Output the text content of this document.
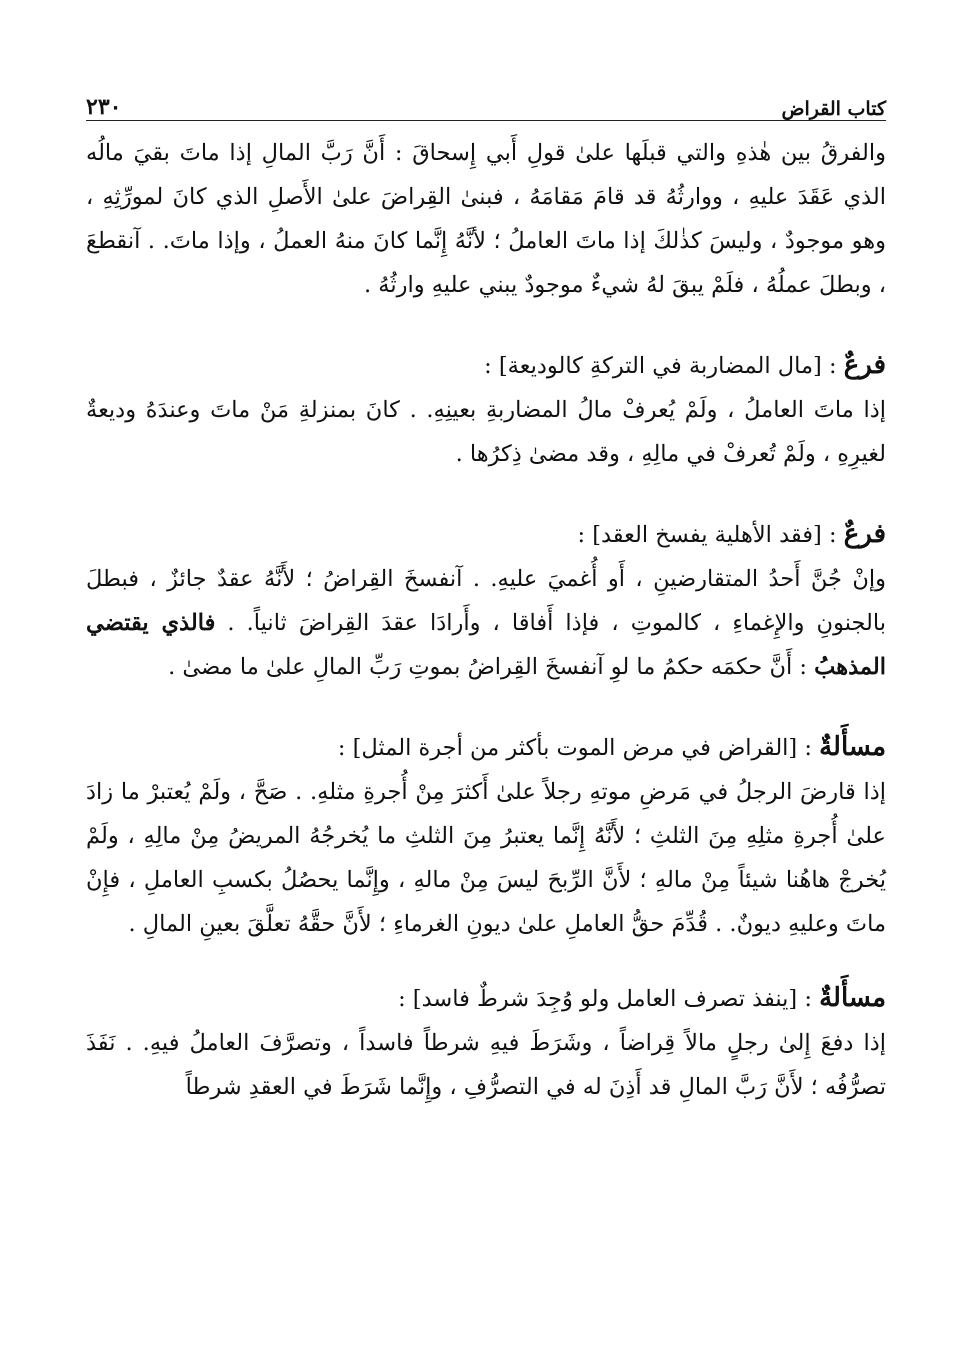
كتاب القراض
٢٣٠

والفرقُ بين هٰذهِ والتي قبلَها علىٰ قولِ أَبي إِسحاقَ : أَنَّ رَبَّ المالِ إذا ماتَ بقيَ مالُه الذي عَقَدَ عليهِ ، ووارثُهُ قد قامَ مَقامَهُ ، فبنىٰ القِراضَ علىٰ الأَصلِ الذي كانَ لمورِّثِهِ ، وهو موجودٌ ، وليسَ كذٰلكَ إذا ماتَ العاملُ ؛ لأنَّهُ إِنَّما كانَ منهُ العملُ ، وإذا ماتَ. . آنقطعَ ، وبطلَ عملُهُ ، فلَمْ يبقَ لهُ شيءٌ موجودٌ يبني عليهِ وارثُهُ .

فرعٌ : [مال المضاربة في التركةِ كالوديعة] :

إذا ماتَ العاملُ ، ولَمْ يُعرفْ مالُ المضاربةِ بعينِهِ. . كانَ بمنزلةِ مَنْ ماتَ وعندَهُ وديعةٌ لغيرِهِ ، ولَمْ تُعرفْ في مالِهِ ، وقد مضىٰ ذِكرُها .

فرعٌ : [فقد الأهلية يفسخ العقد] :

وإنْ جُنَّ أَحدُ المتقارضينِ ، أَو أُغميَ عليهِ. . آنفسخَ القِراضُ ؛ لأَنَّهُ عقدٌ جائزٌ ، فبطلَ بالجنونِ والإِغماءِ ، كالموتِ ، فإذا أَفاقا ، وأَرادَا عقدَ القِراضَ ثانياً. . فالذي يقتضي المذهبُ : أَنَّ حكمَه حكمُ ما لوِ آنفسخَ القِراضُ بموتِ رَبِّ المالِ علىٰ ما مضىٰ .

مسأَلةٌ : [القراض في مرض الموت بأكثر من أجرة المثل] :

إذا قارضَ الرجلُ في مَرضِ موتهِ رجلاً علىٰ أَكثرَ مِنْ أُجرةِ مثلهِ. . صَحَّ ، ولَمْ يُعتبرْ ما زادَ علىٰ أُجرةِ مثلِهِ مِنَ الثلثِ ؛ لأَنَّهُ إِنَّما يعتبرُ مِنَ الثلثِ ما يُخرجُهُ المريضُ مِنْ مالِهِ ، ولَمْ يُخرجْ هاهُنا شيئاً مِنْ مالهِ ؛ لأَنَّ الرِّبحَ ليسَ مِنْ مالهِ ، وإِنَّما يحصُلُ بكسبِ العاملِ ، فإِنْ ماتَ وعليهِ ديونٌ. . قُدِّمَ حقُّ العاملِ علىٰ ديونِ الغرماءِ ؛ لأَنَّ حقَّهُ تعلَّقَ بعينِ المالِ .

مسأَلةٌ : [ينفذ تصرف العامل ولو وُجِدَ شرطٌ فاسد] :

إذا دفعَ إِلىٰ رجلٍ مالاً قِراضاً ، وشَرَطَ فيهِ شرطاً فاسداً ، وتصرَّفَ العاملُ فيهِ. . نَفَذَ تصرُّفُه ؛ لأَنَّ رَبَّ المالِ قد أَذِنَ له في التصرُّفِ ، وإِنَّما شَرَطَ في العقدِ شرطاً
